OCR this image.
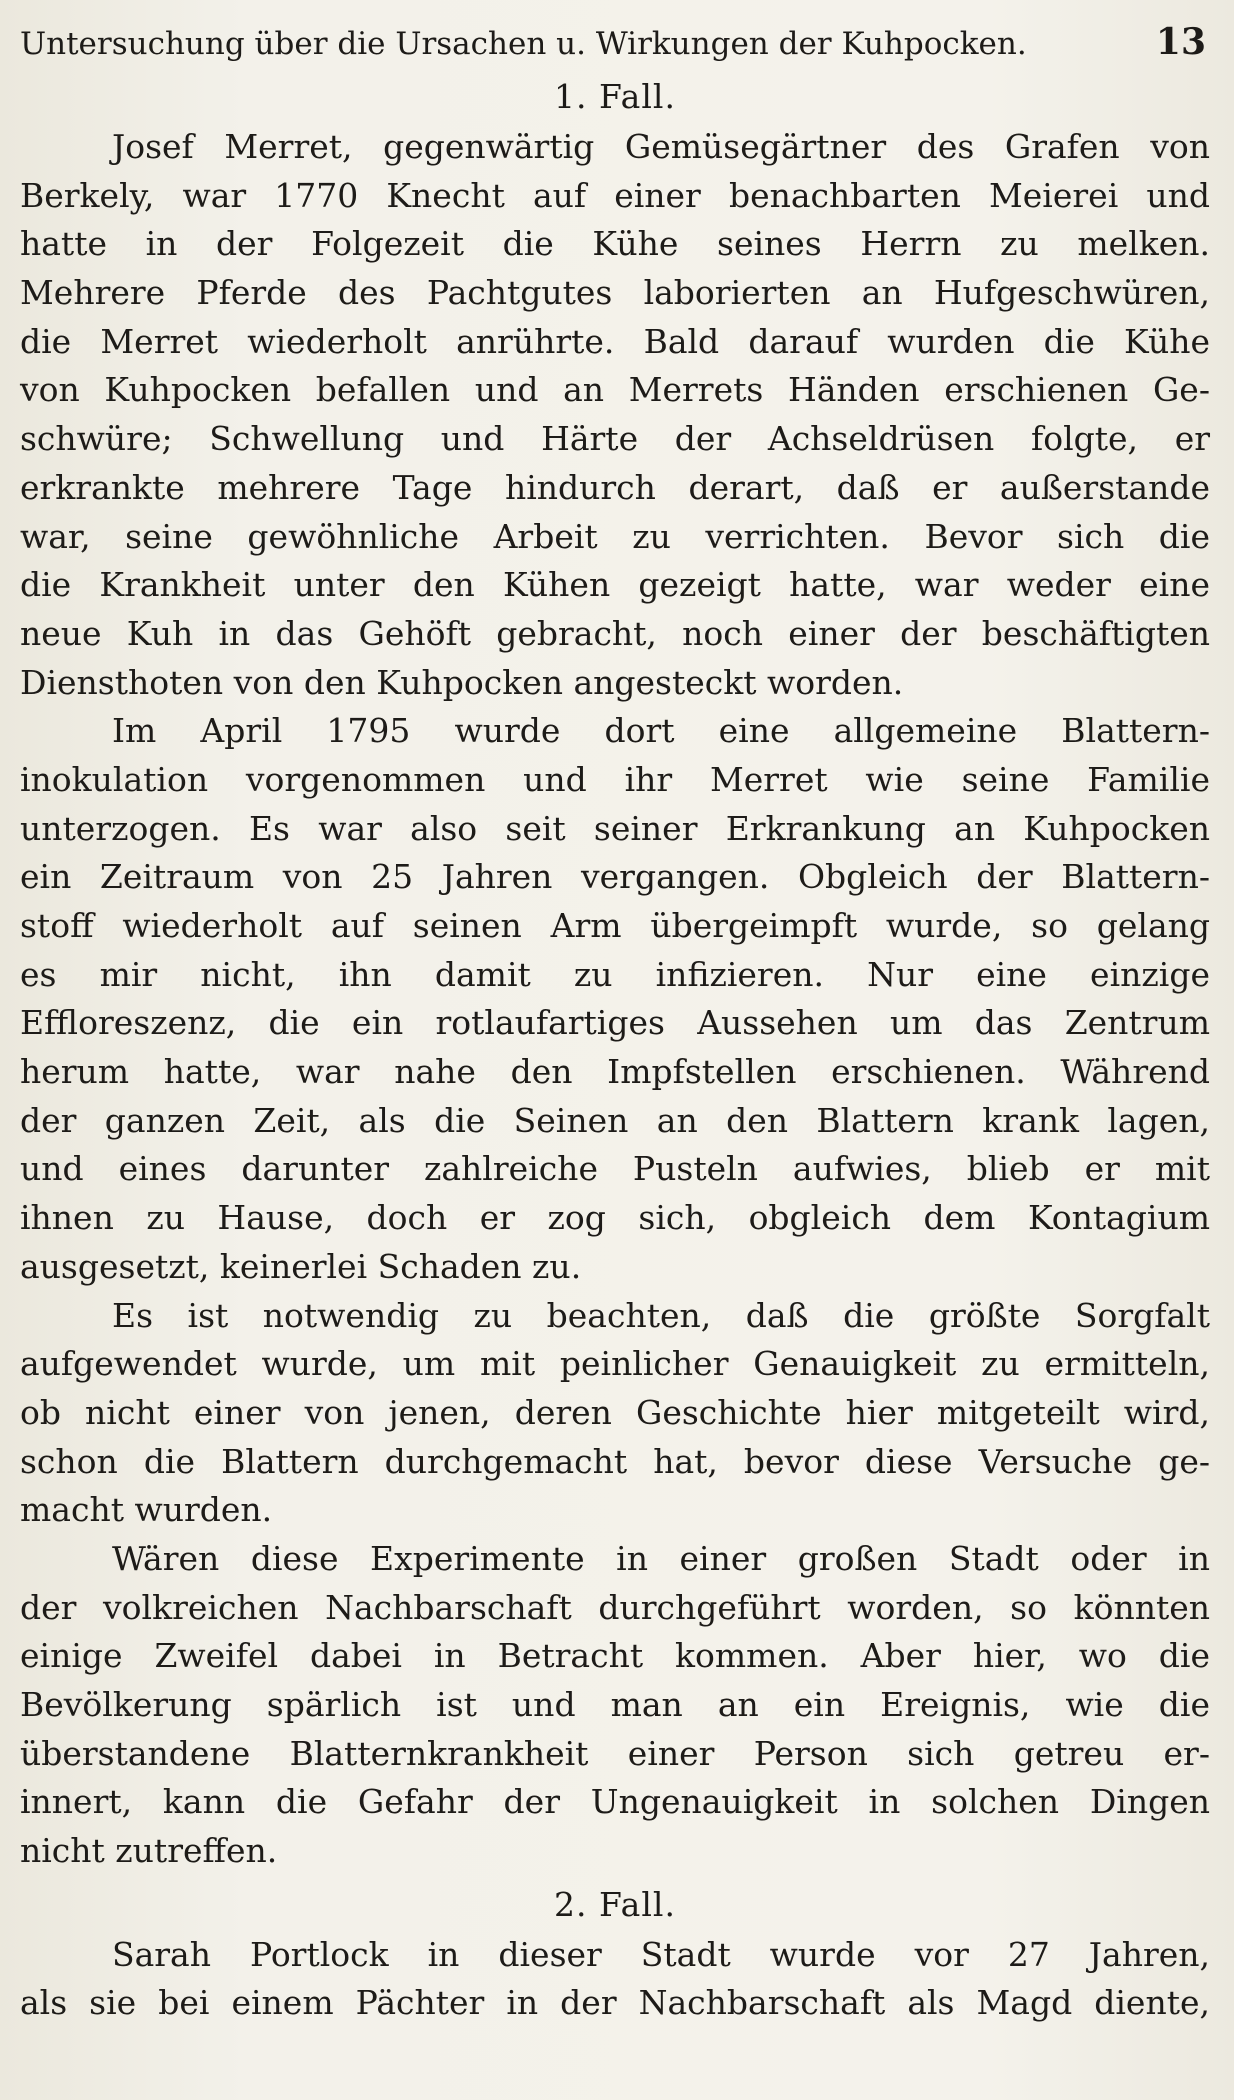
Untersuchung über die Ursachen u. Wirkungen der Kuhpocken.	13
1. Fall.
Josef Merret, gegenwärtig Gemüsegärtner des Grafen von
Berkely, war 1770 Knecht auf einer benachbarten Meierei und
hatte in der Folgezeit die Kühe seines Herrn zu melken.
Mehrere Pferde des Pachtgutes laborierten an Hufgeschwüren,
die Merret wiederholt anrührte. Bald darauf wurden die Kühe
von Kuhpocken befallen und an Merrets Händen erschienen Ge-
schwüre; Schwellung und Härte der Achseldrüsen folgte, er
erkrankte mehrere Tage hindurch derart, daß er außerstande
war, seine gewöhnliche Arbeit zu verrichten. Bevor sich die
die Krankheit unter den Kühen gezeigt hatte, war weder eine
neue Kuh in das Gehöft gebracht, noch einer der beschäftigten
Diensthoten von den Kuhpocken angesteckt worden.
Im April 1795 wurde dort eine allgemeine Blattern-
inokulation vorgenommen und ihr Merret wie seine Familie
unterzogen. Es war also seit seiner Erkrankung an Kuhpocken
ein Zeitraum von 25 Jahren vergangen. Obgleich der Blattern-
stoff wiederholt auf seinen Arm übergeimpft wurde, so gelang
es mir nicht, ihn damit zu infizieren. Nur eine einzige
Effloreszenz, die ein rotlaufartiges Aussehen um das Zentrum
herum hatte, war nahe den Impfstellen erschienen. Während
der ganzen Zeit, als die Seinen an den Blattern krank lagen,
und eines darunter zahlreiche Pusteln aufwies, blieb er mit
ihnen zu Hause, doch er zog sich, obgleich dem Kontagium
ausgesetzt, keinerlei Schaden zu.
Es ist notwendig zu beachten, daß die größte Sorgfalt
aufgewendet wurde, um mit peinlicher Genauigkeit zu ermitteln,
ob nicht einer von jenen, deren Geschichte hier mitgeteilt wird,
schon die Blattern durchgemacht hat, bevor diese Versuche ge-
macht wurden.
Wären diese Experimente in einer großen Stadt oder in
der volkreichen Nachbarschaft durchgeführt worden, so könnten
einige Zweifel dabei in Betracht kommen. Aber hier, wo die
Bevölkerung spärlich ist und man an ein Ereignis, wie die
überstandene Blatternkrankheit einer Person sich getreu er-
innert, kann die Gefahr der Ungenauigkeit in solchen Dingen
nicht zutreffen.
2. Fall.
Sarah Portlock in dieser Stadt wurde vor 27 Jahren,
als sie bei einem Pächter in der Nachbarschaft als Magd diente,
